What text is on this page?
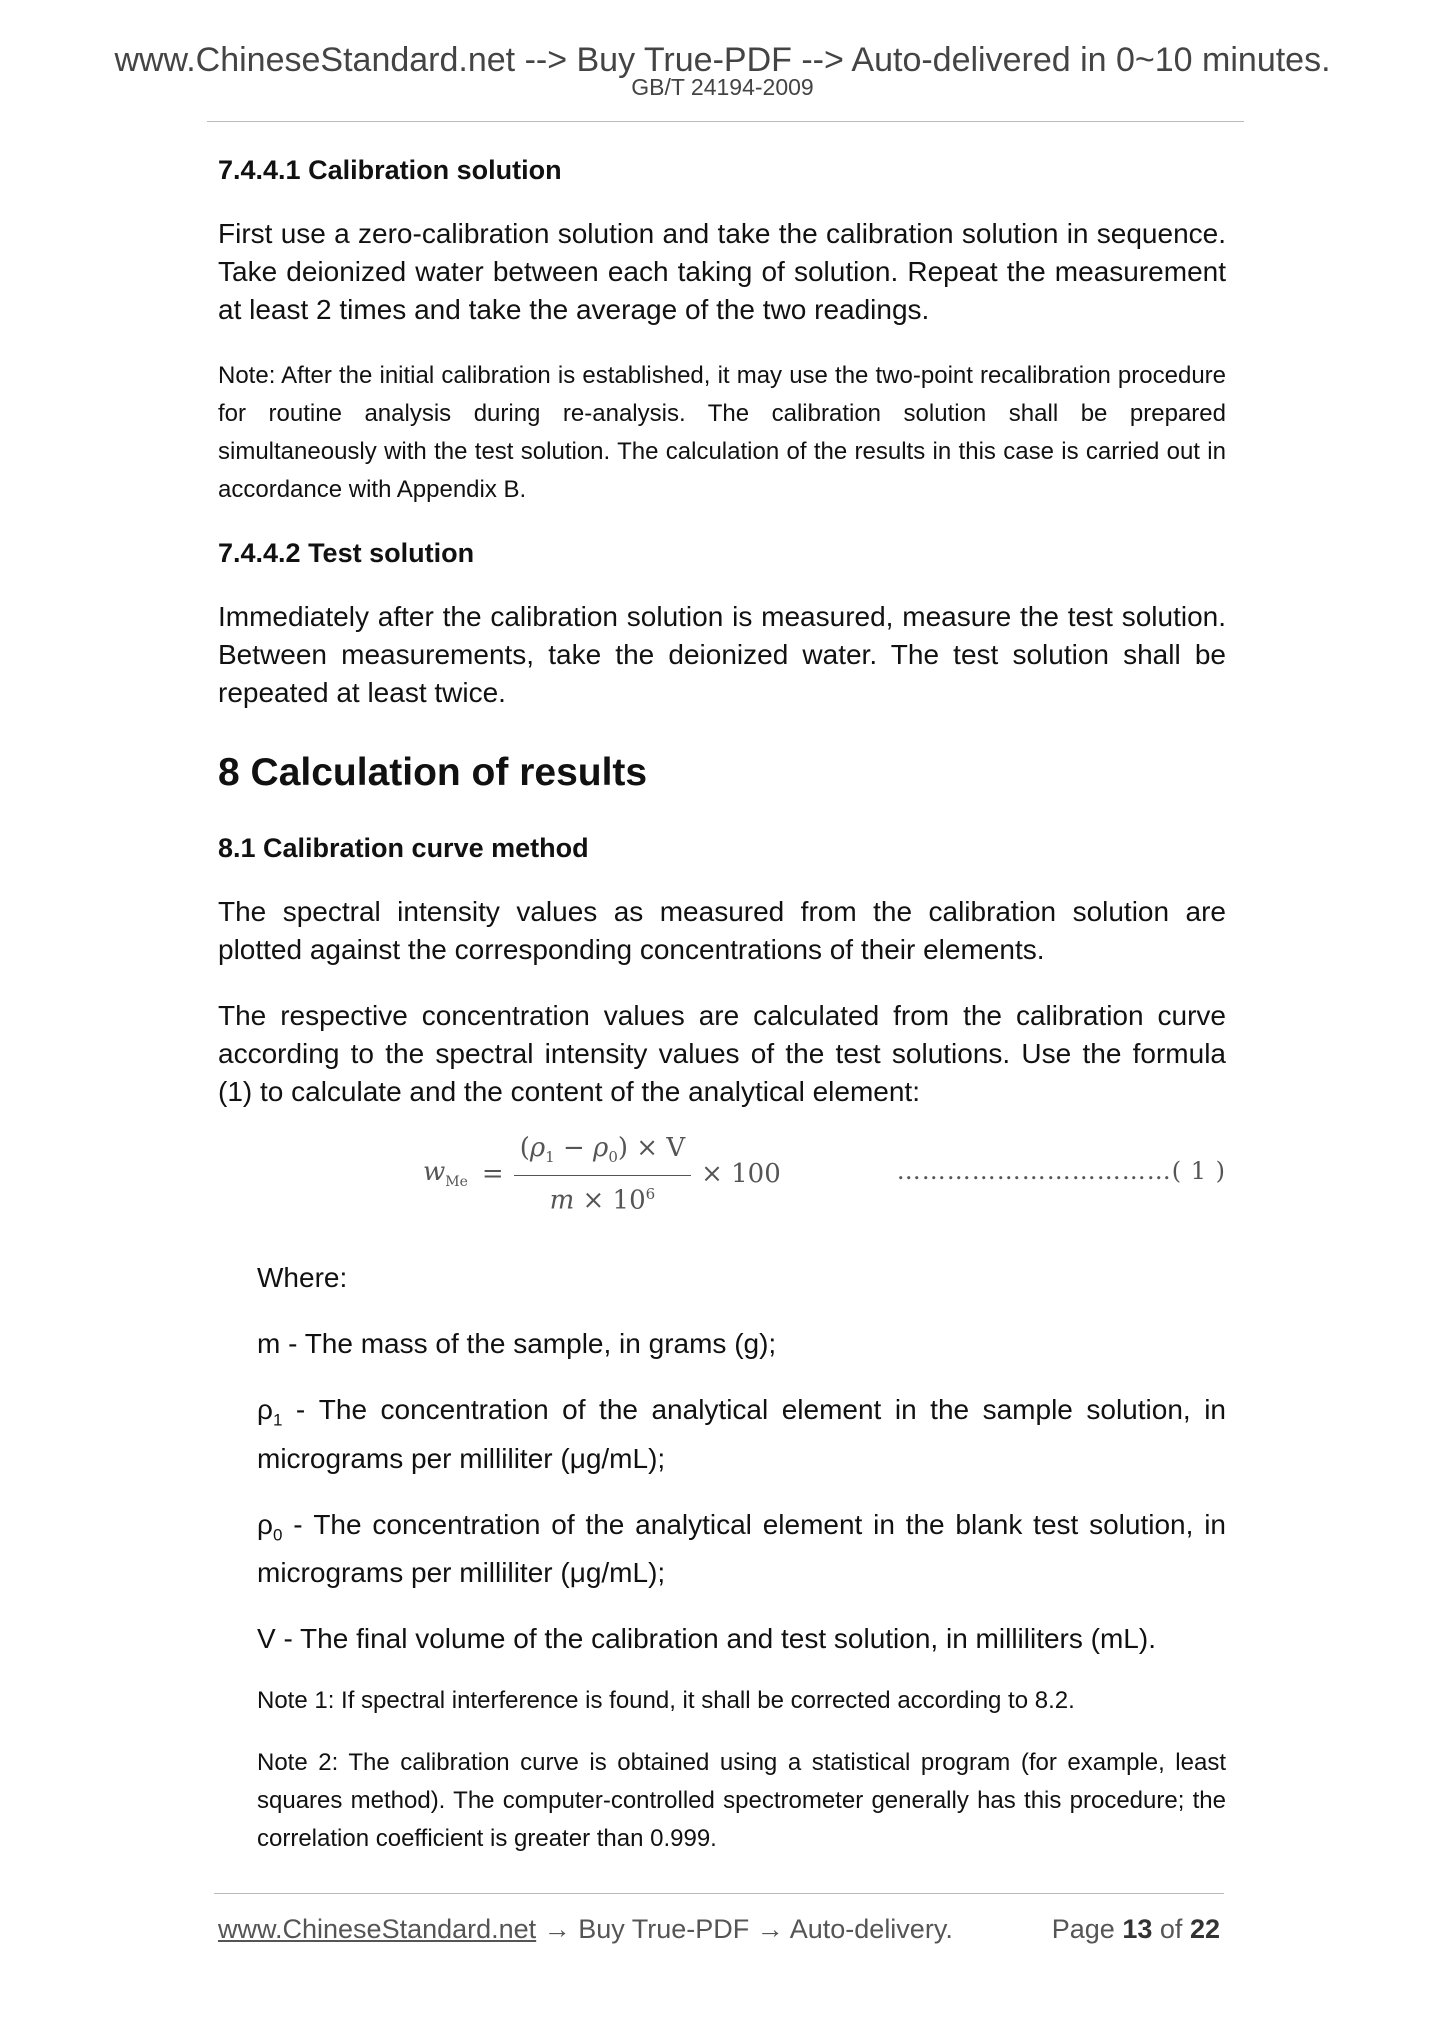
www.ChineseStandard.net --> Buy True-PDF --> Auto-delivered in 0~10 minutes.
GB/T 24194-2009
7.4.4.1 Calibration solution
First use a zero-calibration solution and take the calibration solution in sequence. Take deionized water between each taking of solution. Repeat the measurement at least 2 times and take the average of the two readings.
Note: After the initial calibration is established, it may use the two-point recalibration procedure for routine analysis during re-analysis. The calibration solution shall be prepared simultaneously with the test solution. The calculation of the results in this case is carried out in accordance with Appendix B.
7.4.4.2 Test solution
Immediately after the calibration solution is measured, measure the test solution. Between measurements, take the deionized water. The test solution shall be repeated at least twice.
8 Calculation of results
8.1 Calibration curve method
The spectral intensity values as measured from the calibration solution are plotted against the corresponding concentrations of their elements.
The respective concentration values are calculated from the calibration curve according to the spectral intensity values of the test solutions. Use the formula (1) to calculate and the content of the analytical element:
$w_{Me} = \frac{(\rho_1 - \rho_0) \times V}{m \times 10^6} \times 100$	……………………………( 1 )
Where:
m - The mass of the sample, in grams (g);
$\rho_1$ - The concentration of the analytical element in the sample solution, in micrograms per milliliter (μg/mL);
$\rho_0$ - The concentration of the analytical element in the blank test solution, in micrograms per milliliter (μg/mL);
V - The final volume of the calibration and test solution, in milliliters (mL).
Note 1: If spectral interference is found, it shall be corrected according to 8.2.
Note 2: The calibration curve is obtained using a statistical program (for example, least squares method). The computer-controlled spectrometer generally has this procedure; the correlation coefficient is greater than 0.999.
www.ChineseStandard.net → Buy True-PDF → Auto-delivery.	Page 13 of 22
